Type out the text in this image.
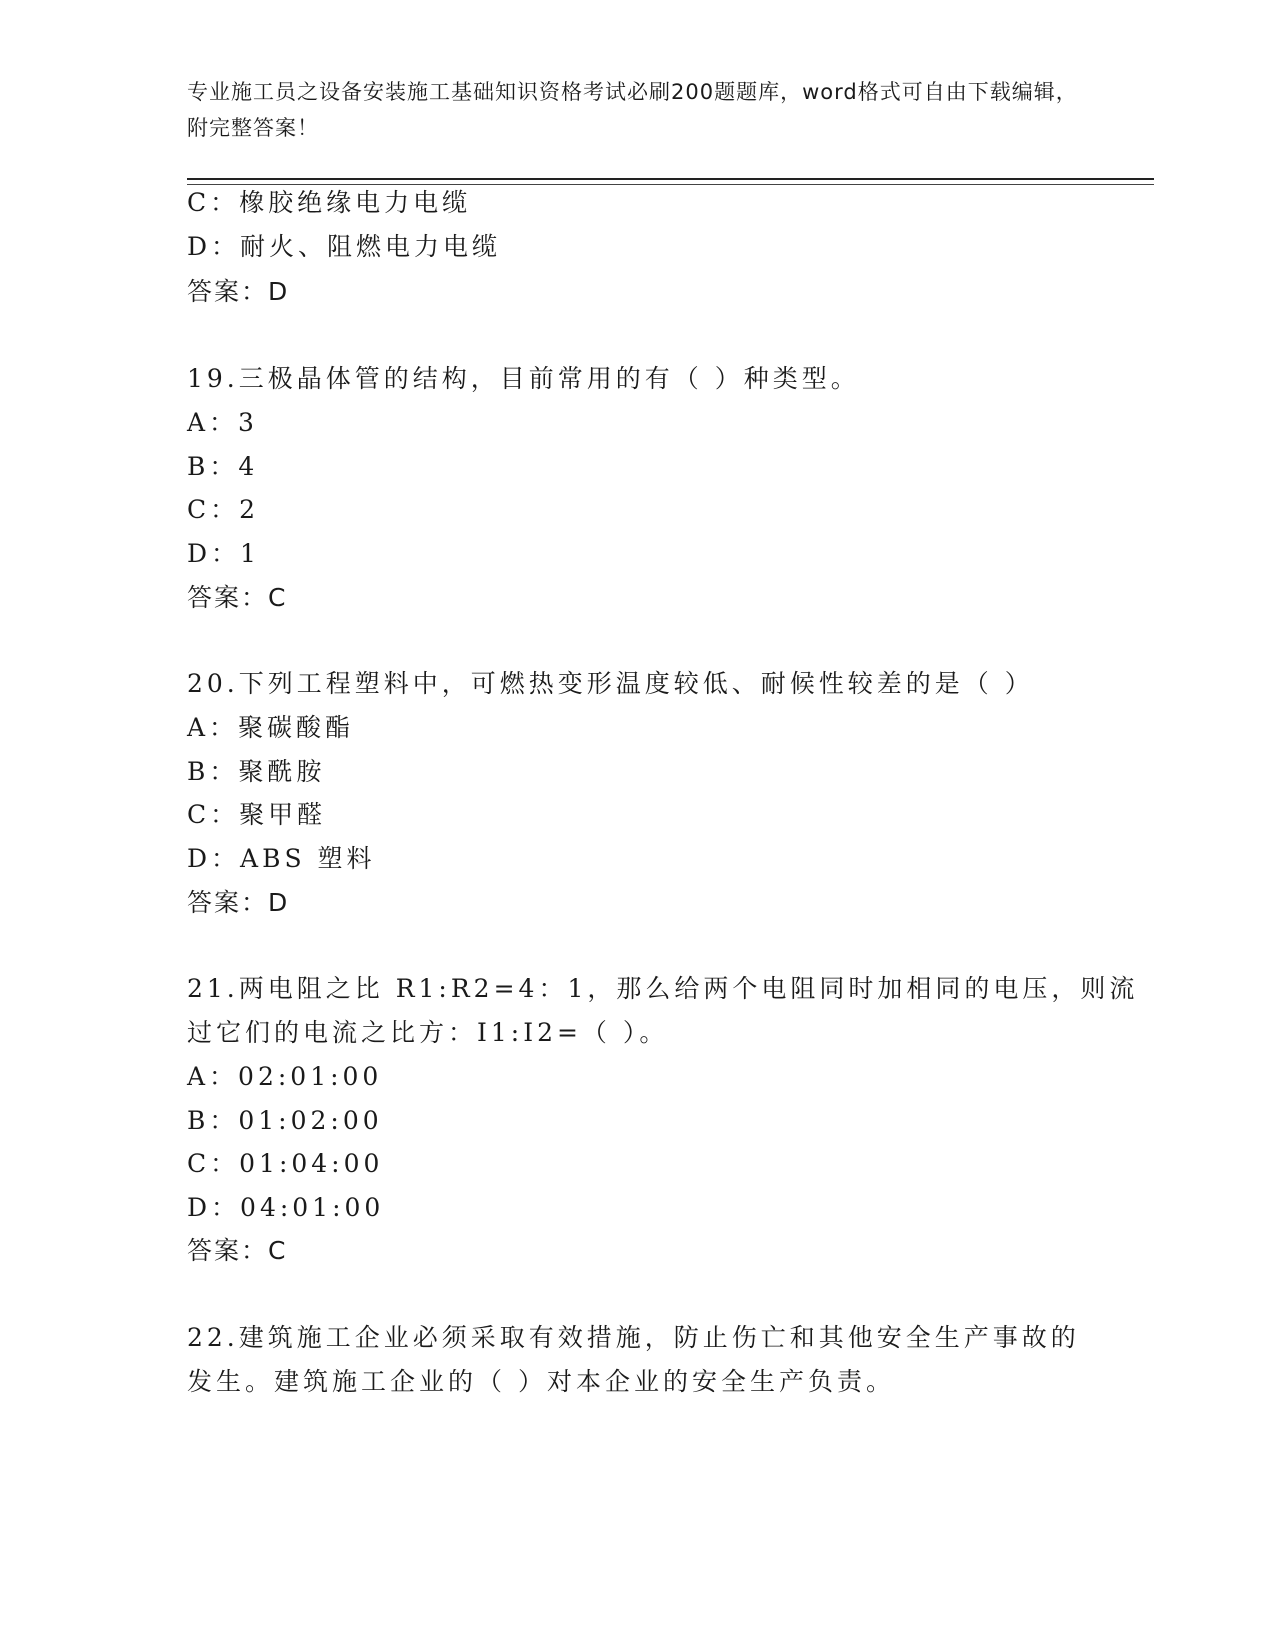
专业施工员之设备安装施工基础知识资格考试必刷200题题库，word格式可自由下载编辑，附完整答案！
C：橡胶绝缘电力电缆
D：耐火、阻燃电力电缆
答案：D
19.三极晶体管的结构，目前常用的有（ ）种类型。
A：3
B：4
C：2
D：1
答案：C
20.下列工程塑料中，可燃热变形温度较低、耐候性较差的是（ ）
A：聚碳酸酯
B：聚酰胺
C：聚甲醛
D：ABS 塑料
答案：D
21.两电阻之比 R1:R2=4：1，那么给两个电阻同时加相同的电压，则流
过它们的电流之比方：I1:I2=（ ）。
A：02:01:00
B：01:02:00
C：01:04:00
D：04:01:00
答案：C
22.建筑施工企业必须采取有效措施，防止伤亡和其他安全生产事故的
发生。建筑施工企业的（ ）对本企业的安全生产负责。
